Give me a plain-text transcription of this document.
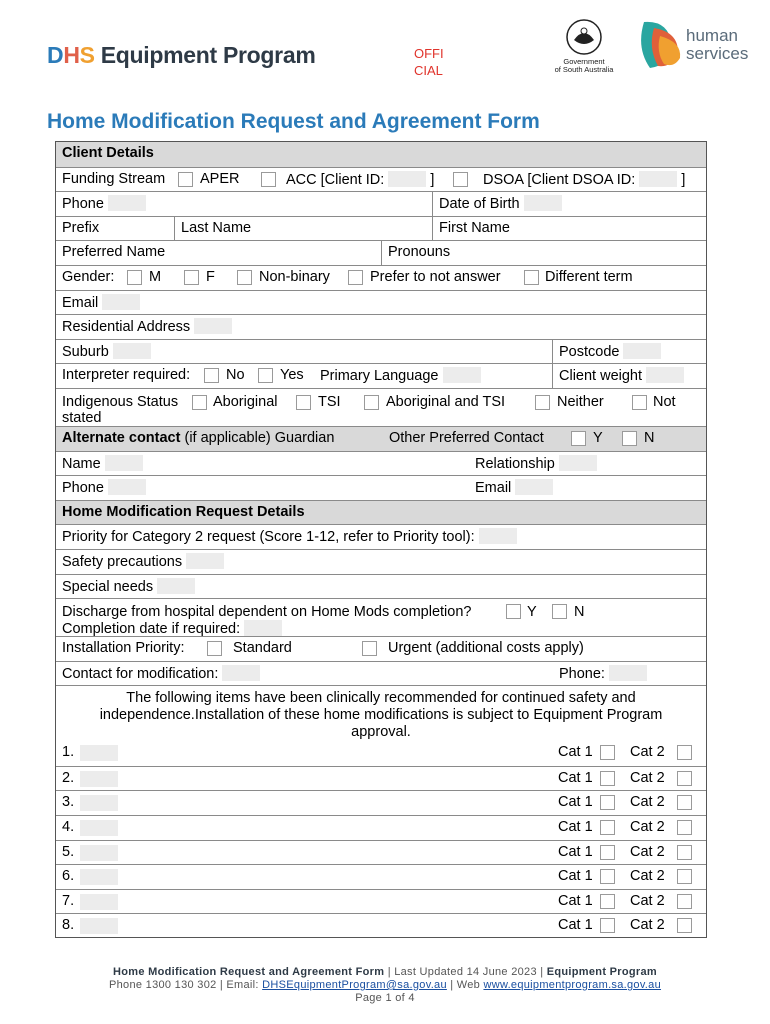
DHS Equipment Program	OFFI
CIAL
Government
of South Australia
human
services
Home Modification Request and Agreement Form
Client Details
Funding Stream APER	ACC [Client ID:	]	DSOA [Client DSOA ID:	]
Phone	Date of Birth
Prefix	Last Name	First Name
Preferred Name	Pronouns
Gender: M	F	Non-binary	Prefer to not answer	Different term
Email
Residential Address
Suburb	Postcode
Interpreter required: No Yes Primary Language	Client weight
Indigenous Status Aboriginal	TSI	Aboriginal and TSI	Neither	Not
stated
Alternate contact (if applicable) Guardian	Other Preferred Contact	Y	N
Name	Relationship
Phone	Email
Home Modification Request Details
Priority for Category 2 request (Score 1-12, refer to Priority tool):
Safety precautions
Special needs
Discharge from hospital dependent on Home Mods completion?	Y	N
Completion date if required:
Installation Priority:	Standard	Urgent (additional costs apply)
Contact for modification:	Phone:
The following items have been clinically recommended for continued safety and
independence.Installation of these home modifications is subject to Equipment Program
approval.
1.	Cat 1	Cat 2
2.	Cat 1	Cat 2
3.	Cat 1	Cat 2
4.	Cat 1	Cat 2
5.	Cat 1	Cat 2
6.	Cat 1	Cat 2
7.	Cat 1	Cat 2
8.	Cat 1	Cat 2
Home Modification Request and Agreement Form | Last Updated 14 June 2023 | Equipment Program
Phone 1300 130 302 | Email: DHSEquipmentProgram@sa.gov.au | Web www.equipmentprogram.sa.gov.au
Page 1 of 4
